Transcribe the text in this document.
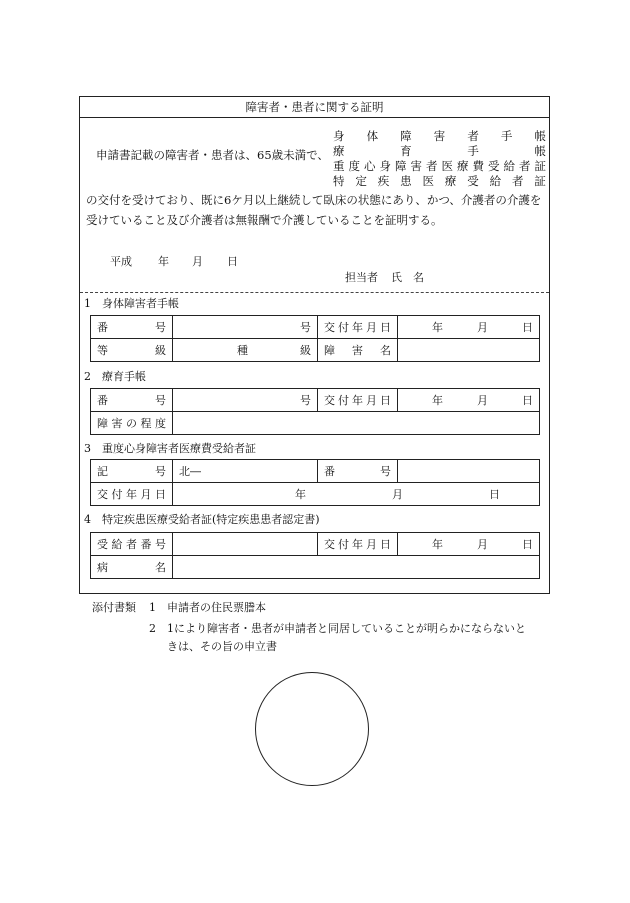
障害者・患者に関する証明
申請書記載の障害者・患者は、65歳未満で、
身 体 障 害 者 手 帳
療	育	手	帳
重 度 心 身 障 害 者 医 療 費 受 給 者 証
特 定 疾 患 医 療 受 給 者 証
の交付を受けており、既に6ケ月以上継続して臥床の状態にあり、かつ、介護者の介護を
受けていること及び介護者は無報酬で介護していることを証明する。
平成 年 月 日
担当者 氏　名
1　身体障害者手帳
番 号	号	交 付 年 月 日	年 月 日

等 級	種 級	障 害 名	

2　療育手帳
番 号	号	交 付 年 月 日	年 月 日

障 害 の 程 度			

3　重度心身障害者医療費受給者証
記 号	北―	番 号	

交 付 年 月 日	年 月 日		
4　特定疾患医療受給者証(特定疾患患者認定書)
受 給 者 番 号		交 付 年 月 日	年 月 日

病 名			

添付書類 1 申請者の住民票謄本
2 1により障害者・患者が申請者と同居していることが明らかにならないと
きは、その旨の申立書
